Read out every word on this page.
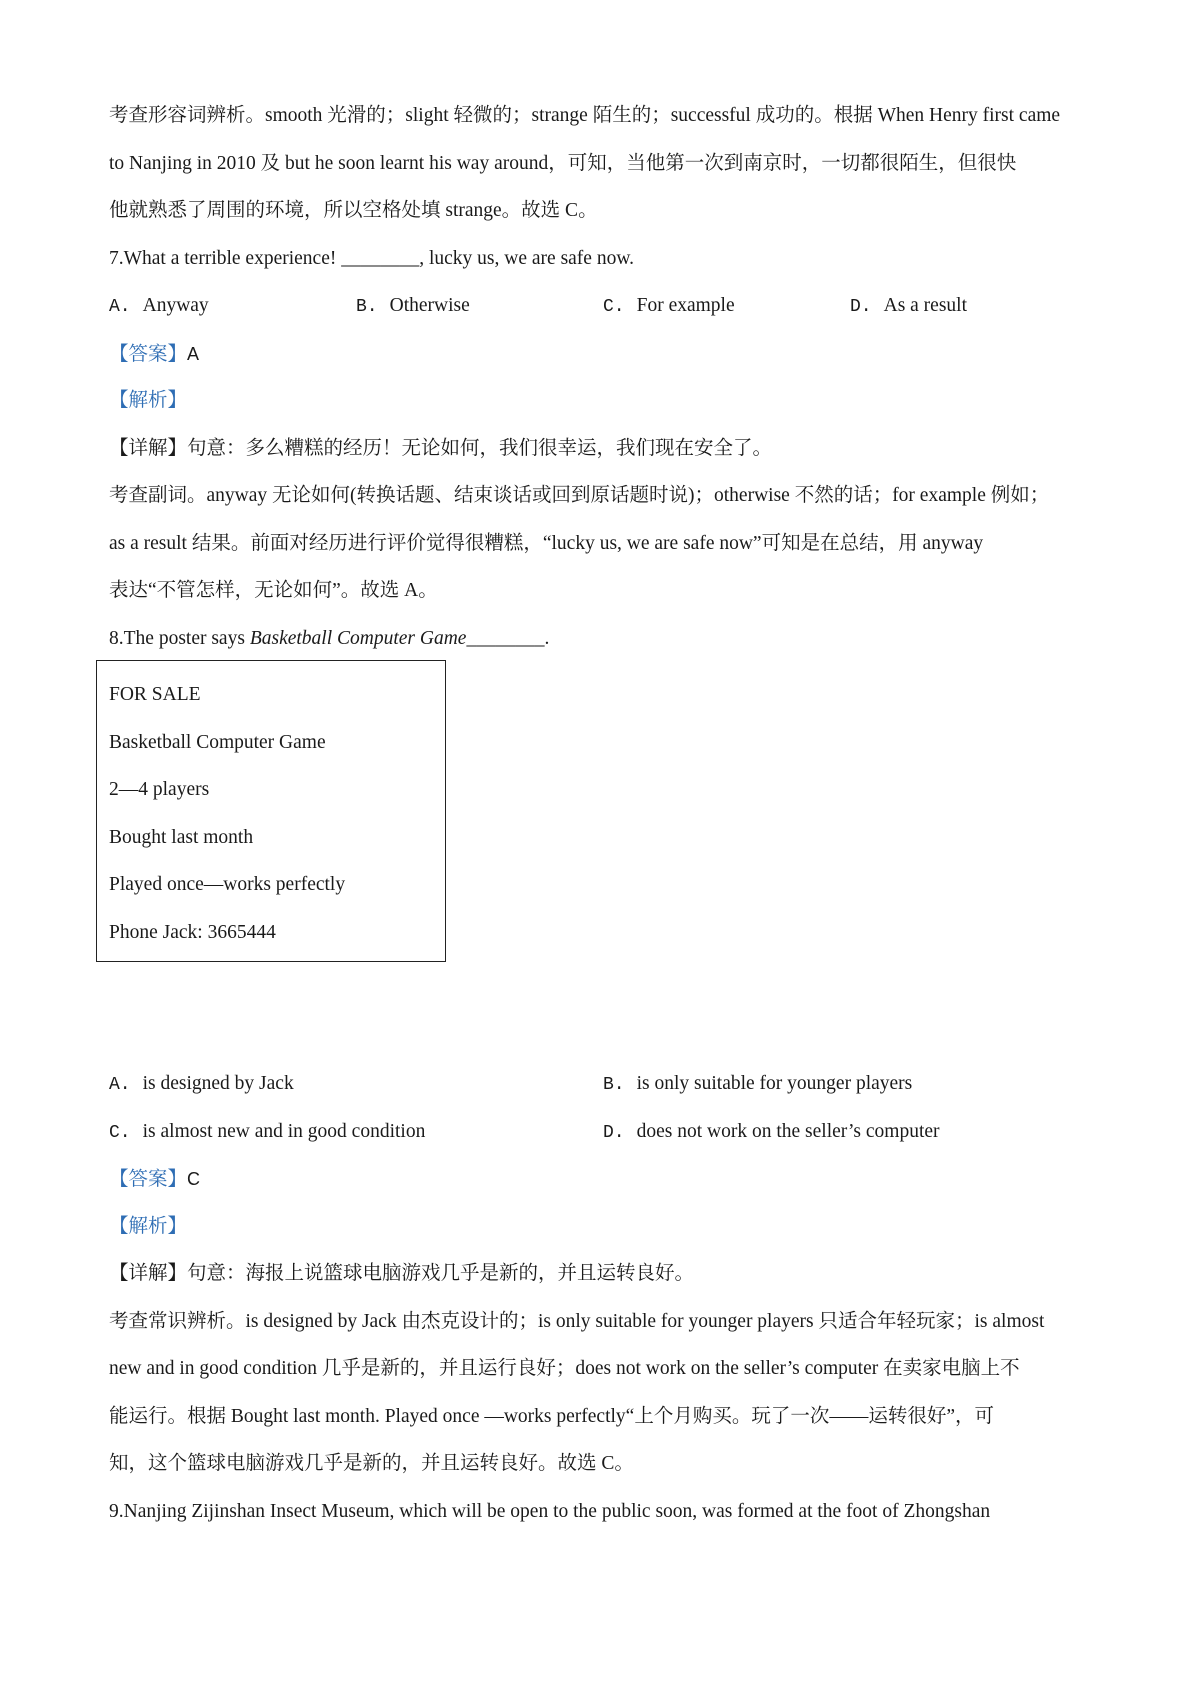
考查形容词辨析。smooth 光滑的；slight 轻微的；strange 陌生的；successful 成功的。根据 When Henry first came
to Nanjing in 2010 及 but he soon learnt his way around，可知，当他第一次到南京时，一切都很陌生，但很快
他就熟悉了周围的环境，所以空格处填 strange。故选 C。
7.What a terrible experience! ________, lucky us, we are safe now.
A. Anyway	B. Otherwise	C. For example	D. As a result
【答案】A
【解析】
【详解】句意：多么糟糕的经历！无论如何，我们很幸运，我们现在安全了。
考查副词。anyway 无论如何(转换话题、结束谈话或回到原话题时说)；otherwise 不然的话；for example 例如；
as a result 结果。前面对经历进行评价觉得很糟糕，“lucky us, we are safe now”可知是在总结，用 anyway
表达“不管怎样，无论如何”。故选 A。
8.The poster says Basketball Computer Game________.
FOR SALE
Basketball Computer Game
2—4 players
Bought last month
Played once—works perfectly
Phone Jack: 3665444
A. is designed by Jack	B. is only suitable for younger players
C. is almost new and in good condition	D. does not work on the seller’s computer
【答案】C
【解析】
【详解】句意：海报上说篮球电脑游戏几乎是新的，并且运转良好。
考查常识辨析。is designed by Jack 由杰克设计的；is only suitable for younger players 只适合年轻玩家；is almost
new and in good condition 几乎是新的，并且运行良好；does not work on the seller’s computer 在卖家电脑上不
能运行。根据 Bought last month. Played once —works perfectly“上个月购买。玩了一次——运转很好”，可
知，这个篮球电脑游戏几乎是新的，并且运转良好。故选 C。
9.Nanjing Zijinshan Insect Museum, which will be open to the public soon, was formed at the foot of Zhongshan
